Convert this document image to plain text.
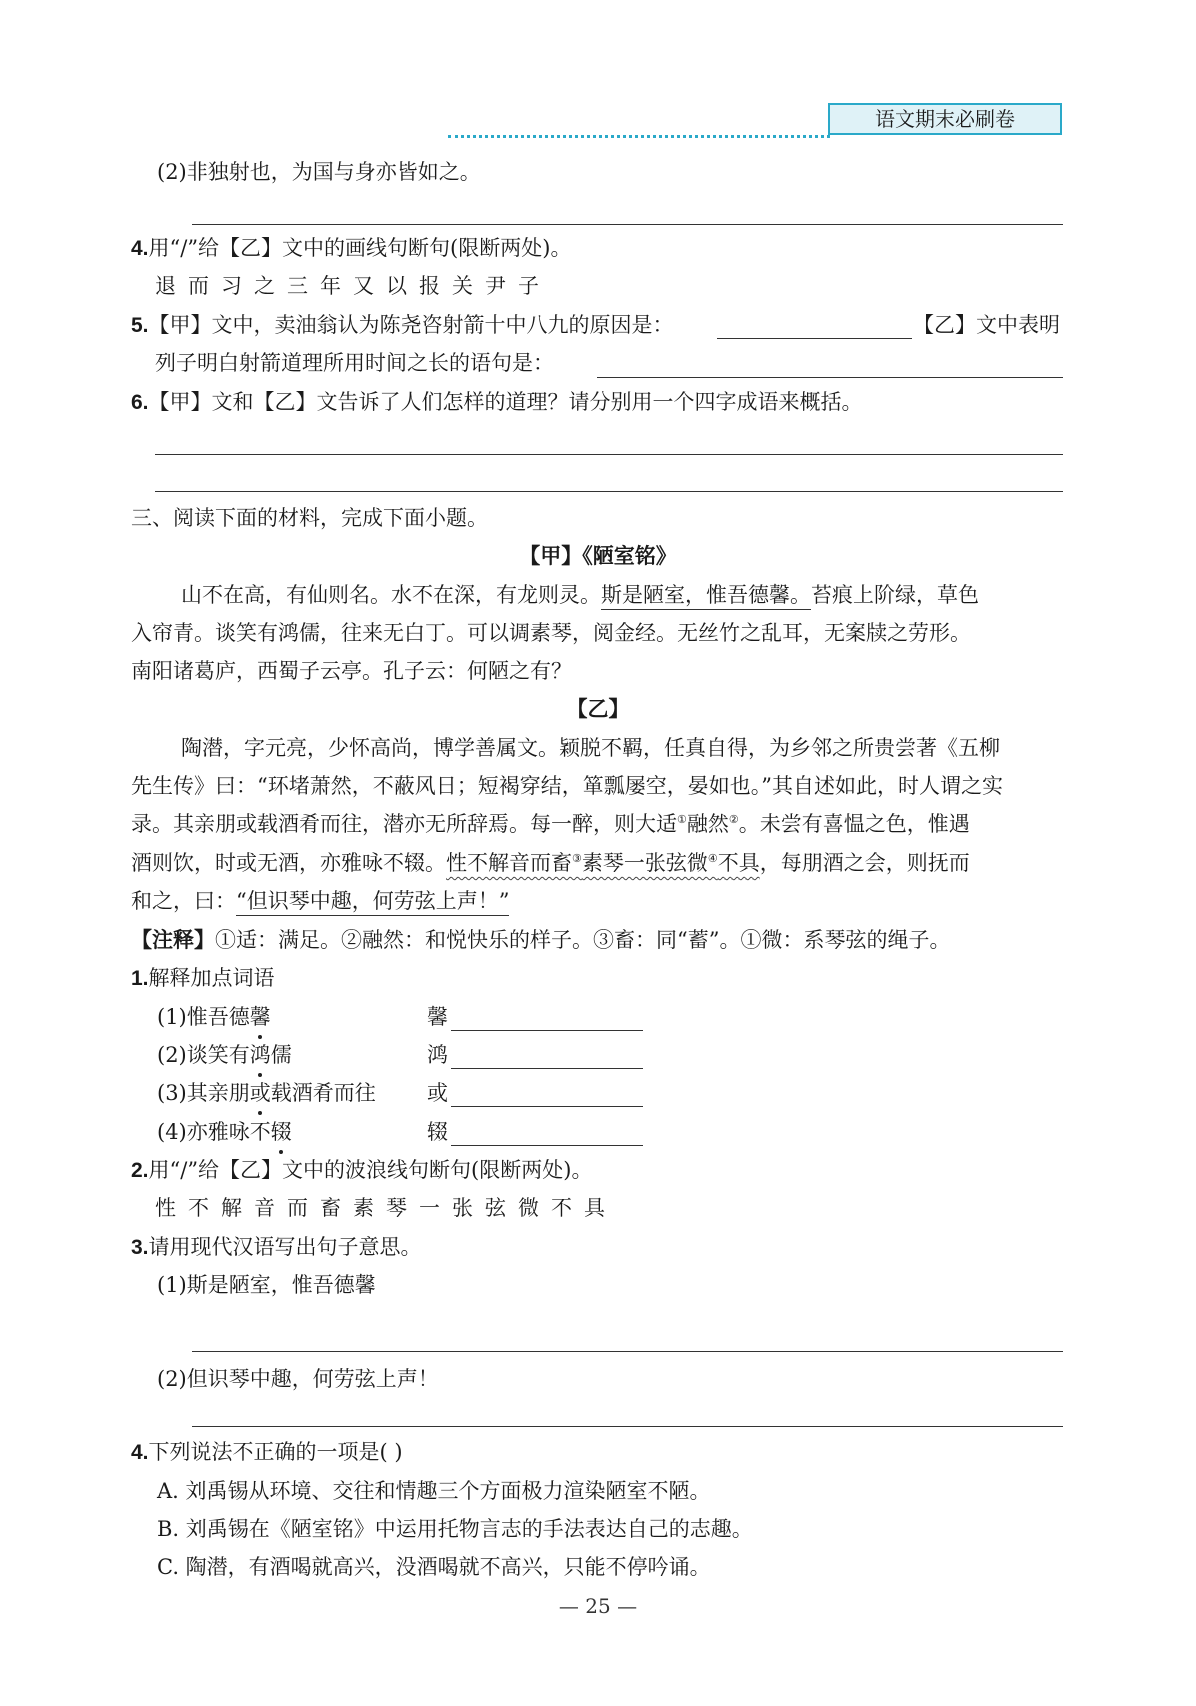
语文期末必刷卷
(2)非独射也，为国与身亦皆如之。
4.用“/”给【乙】文中的画线句断句(限断两处)。
退而习之三年又以报关尹子
5.【甲】文中，卖油翁认为陈尧咨射箭十中八九的原因是：	【乙】文中表明
列子明白射箭道理所用时间之长的语句是：
6.【甲】文和【乙】文告诉了人们怎样的道理？请分别用一个四字成语来概括。
三、阅读下面的材料，完成下面小题。
【甲】《陋室铭》
山不在高，有仙则名。水不在深，有龙则灵。斯是陋室，惟吾德馨。苔痕上阶绿，草色
入帘青。谈笑有鸿儒，往来无白丁。可以调素琴，阅金经。无丝竹之乱耳，无案牍之劳形。
南阳诸葛庐，西蜀子云亭。孔子云：何陋之有？
【乙】
陶潜，字元亮，少怀高尚，博学善属文。颖脱不羁，任真自得，为乡邻之所贵尝著《五柳
先生传》曰：“环堵萧然，不蔽风日；短褐穿结，箪瓢屡空，晏如也。”其自述如此，时人谓之实
录。其亲朋或载酒肴而往，潜亦无所辞焉。每一醉，则大适①融然②。未尝有喜愠之色，惟遇
酒则饮，时或无酒，亦雅咏不辍。性不解音而畜③素琴一张弦微④不具，每朋酒之会，则抚而
和之，曰：“但识琴中趣，何劳弦上声！”
【注释】①适：满足。②融然：和悦快乐的样子。③畜：同“蓄”。①微：系琴弦的绳子。
1.解释加点词语
(1)惟吾德馨	馨
(2)谈笑有鸿儒	鸿
(3)其亲朋或载酒肴而往 或
(4)亦雅咏不辍	辍
2.用“/”给【乙】文中的波浪线句断句(限断两处)。
性不解音而畜素琴一张弦微不具
3.请用现代汉语写出句子意思。
(1)斯是陋室，惟吾德馨
(2)但识琴中趣，何劳弦上声！
4.下列说法不正确的一项是( )
A. 刘禹锡从环境、交往和情趣三个方面极力渲染陋室不陋。
B. 刘禹锡在《陋室铭》中运用托物言志的手法表达自己的志趣。
C. 陶潜，有酒喝就高兴，没酒喝就不高兴，只能不停吟诵。
— 25 —
